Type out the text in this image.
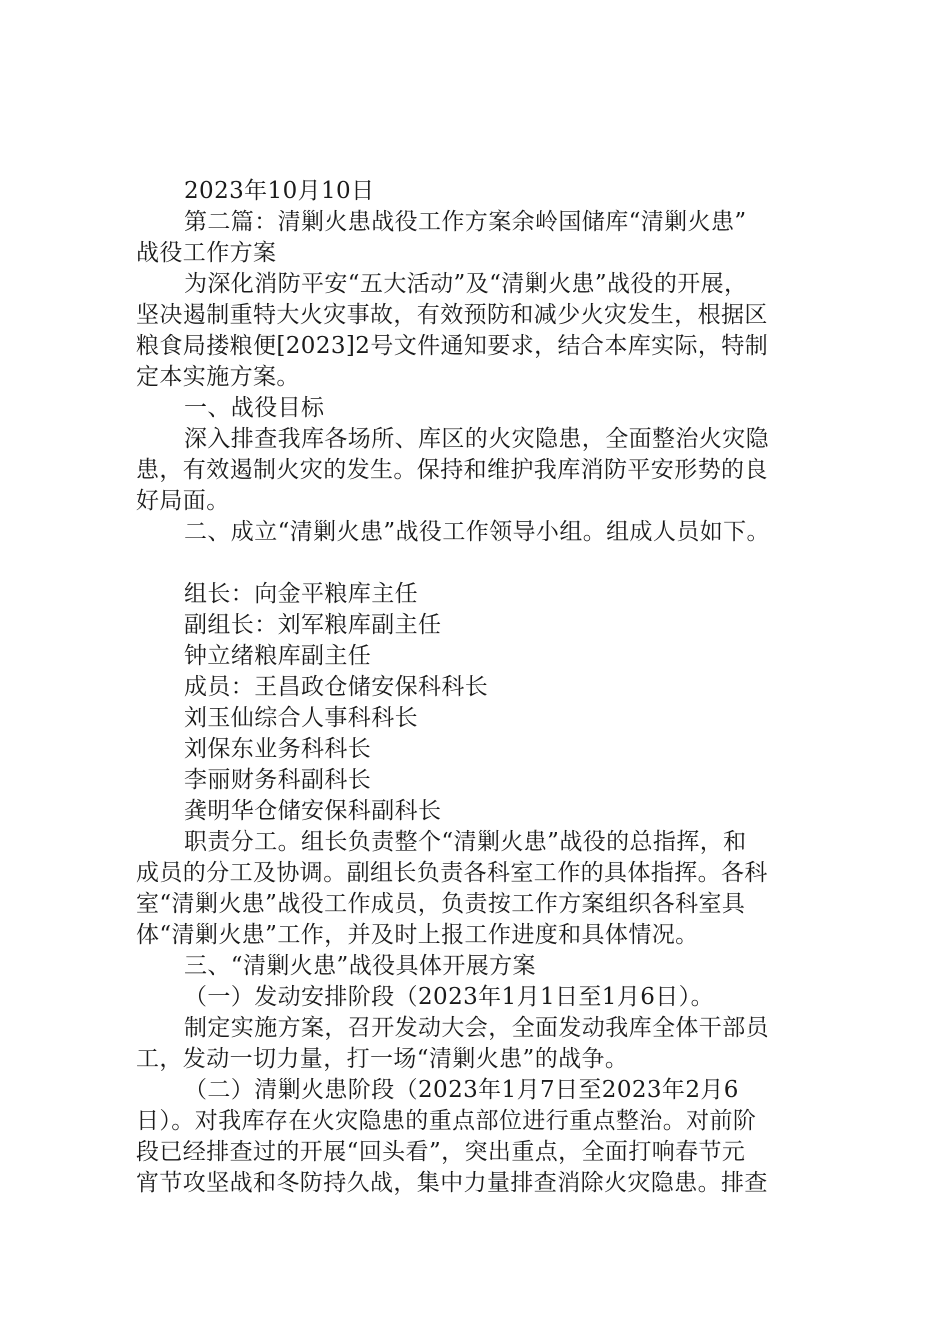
2023年10月10日

第二篇：清剿火患战役工作方案余岭国储库“清剿火患”

战役工作方案

为深化消防平安“五大活动”及“清剿火患”战役的开展，

坚决遏制重特大火灾事故，有效预防和减少火灾发生，根据区

粮食局搂粮便[2023]2号文件通知要求，结合本库实际，特制

定本实施方案。

一、战役目标

深入排查我库各场所、库区的火灾隐患，全面整治火灾隐

患，有效遏制火灾的发生。保持和维护我库消防平安形势的良

好局面。

二、成立“清剿火患”战役工作领导小组。组成人员如下。

组长：向金平粮库主任

副组长：刘军粮库副主任

钟立绪粮库副主任

成员：王昌政仓储安保科科长

刘玉仙综合人事科科长

刘保东业务科科长

李丽财务科副科长

龚明华仓储安保科副科长

职责分工。组长负责整个“清剿火患”战役的总指挥，和

成员的分工及协调。副组长负责各科室工作的具体指挥。各科

室“清剿火患”战役工作成员，负责按工作方案组织各科室具

体“清剿火患”工作，并及时上报工作进度和具体情况。

三、“清剿火患”战役具体开展方案

（一）发动安排阶段（2023年1月1日至1月6日）。

制定实施方案，召开发动大会，全面发动我库全体干部员

工，发动一切力量，打一场“清剿火患”的战争。

（二）清剿火患阶段（2023年1月7日至2023年2月6

日）。对我库存在火灾隐患的重点部位进行重点整治。对前阶

段已经排查过的开展“回头看”，突出重点，全面打响春节元

宵节攻坚战和冬防持久战，集中力量排查消除火灾隐患。排查
